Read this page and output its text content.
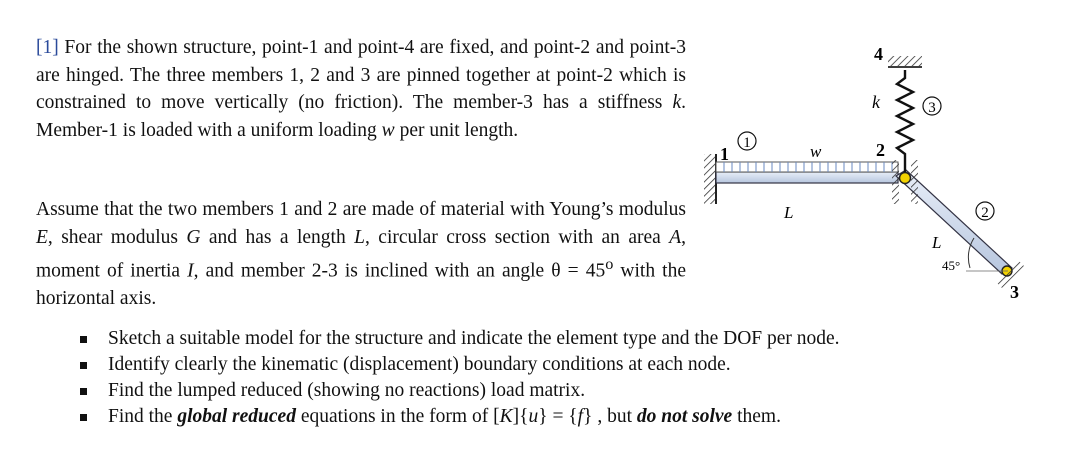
[1] For the shown structure, point-1 and point-4 are fixed, and point-2 and point-3 are hinged. The three members 1, 2 and 3 are pinned together at point-2 which is constrained to move vertically (no friction). The member-3 has a stiffness k. Member-1 is loaded with a uniform loading w per unit length.
Assume that the two members 1 and 2 are made of material with Young’s modulus E, shear modulus G and has a length L, circular cross section with an area A, moment of inertia I, and member 2-3 is inclined with an angle $\theta = 45^o$ with the horizontal axis.
Sketch a suitable model for the structure and indicate the element type and the DOF per node.
Identify clearly the kinematic (displacement) boundary conditions at each node.
Find the lumped reduced (showing no reactions) load matrix.
Find the global reduced equations in the form of [K]{u} = {f} , but do not solve them.
1	2
3
4
1
2
3
w
k
L
L
45°
